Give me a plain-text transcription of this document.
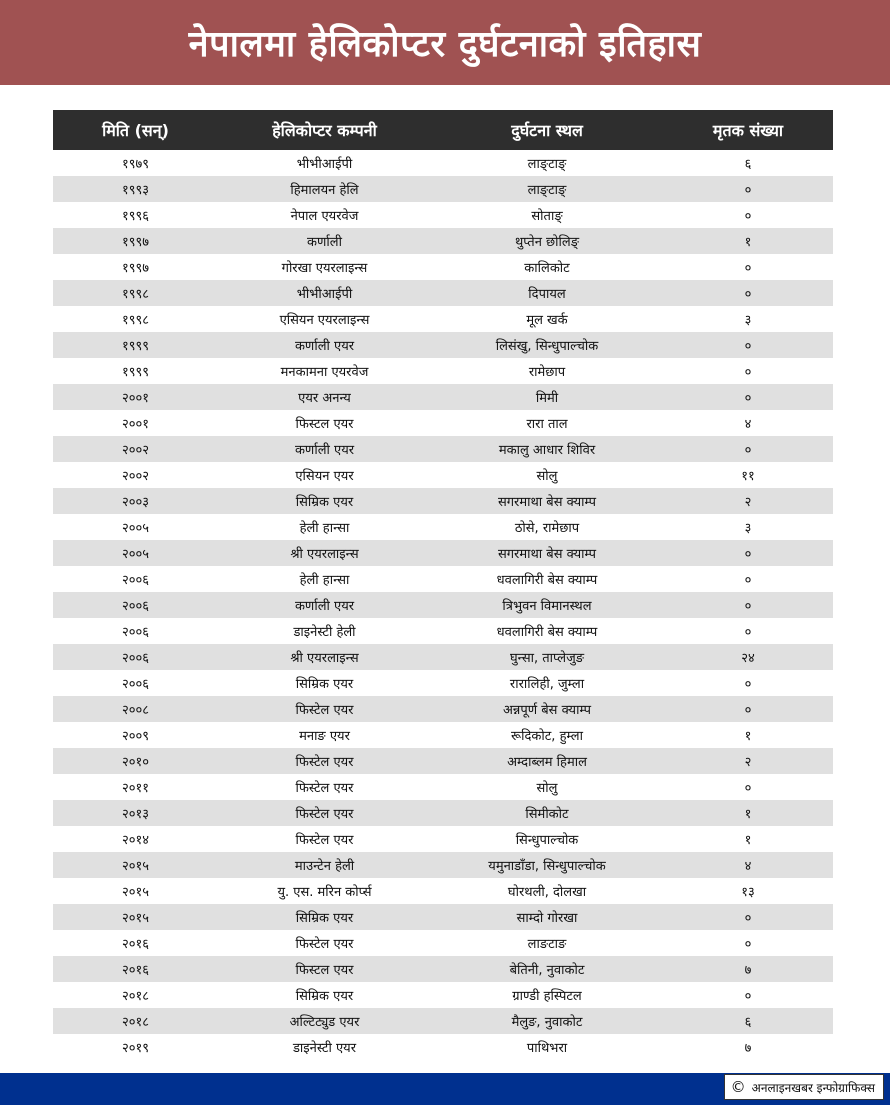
नेपालमा हेलिकोप्टर दुर्घटनाको इतिहास
मिति (सन्)	हेलिकोप्टर कम्पनी	दुर्घटना स्थल	मृतक संख्या
१९७९	भीभीआईपी	लाङ्टाङ्	६
१९९३	हिमालयन हेलि	लाङ्टाङ्	०
१९९६	नेपाल एयरवेज	सोताङ्	०
१९९७	कर्णाली	थुप्तेन छोलिङ्	१
१९९७	गोरखा एयरलाइन्स	कालिकोट	०
१९९८	भीभीआईपी	दिपायल	०
१९९८	एसियन एयरलाइन्स	मूल खर्क	३
१९९९	कर्णाली एयर	लिसंखु, सिन्धुपाल्चोक	०
१९९९	मनकामना एयरवेज	रामेछाप	०
२००१	एयर अनन्य	मिमी	०
२००१	फिस्टल एयर	रारा ताल	४
२००२	कर्णाली एयर	मकालु आधार शिविर	०
२००२	एसियन एयर	सोलु	११
२००३	सिम्रिक एयर	सगरमाथा बेस क्याम्प	२
२००५	हेली हान्सा	ठोसे, रामेछाप	३
२००५	श्री एयरलाइन्स	सगरमाथा बेस क्याम्प	०
२००६	हेली हान्सा	धवलागिरी बेस क्याम्प	०
२००६	कर्णाली एयर	त्रिभुवन विमानस्थल	०
२००६	डाइनेस्टी हेली	धवलागिरी बेस क्याम्प	०
२००६	श्री एयरलाइन्स	घुन्सा, ताप्लेजुङ	२४
२००६	सिम्रिक एयर	रारालिही, जुम्ला	०
२००८	फिस्टेल एयर	अन्नपूर्ण बेस क्याम्प	०
२००९	मनाङ एयर	रूदिकोट, हुम्ला	१
२०१०	फिस्टेल एयर	अम्दाब्लम हिमाल	२
२०११	फिस्टेल एयर	सोलु	०
२०१३	फिस्टेल एयर	सिमीकोट	१
२०१४	फिस्टेल एयर	सिन्धुपाल्चोक	१
२०१५	माउन्टेन हेली	यमुनाडाँडा, सिन्धुपाल्चोक	४
२०१५	यु. एस. मरिन कोर्प्स	घोरथली, दोलखा	१३
२०१५	सिम्रिक एयर	साम्दो गोरखा	०
२०१६	फिस्टेल एयर	लाङटाङ	०
२०१६	फिस्टल एयर	बेतिनी, नुवाकोट	७
२०१८	सिम्रिक एयर	ग्राण्डी हस्पिटल	०
२०१८	अल्टिट्युड एयर	मैलुङ, नुवाकोट	६
२०१९	डाइनेस्टी एयर	पाथिभरा	७
© अनलाइनखबर इन्फोग्राफिक्स
